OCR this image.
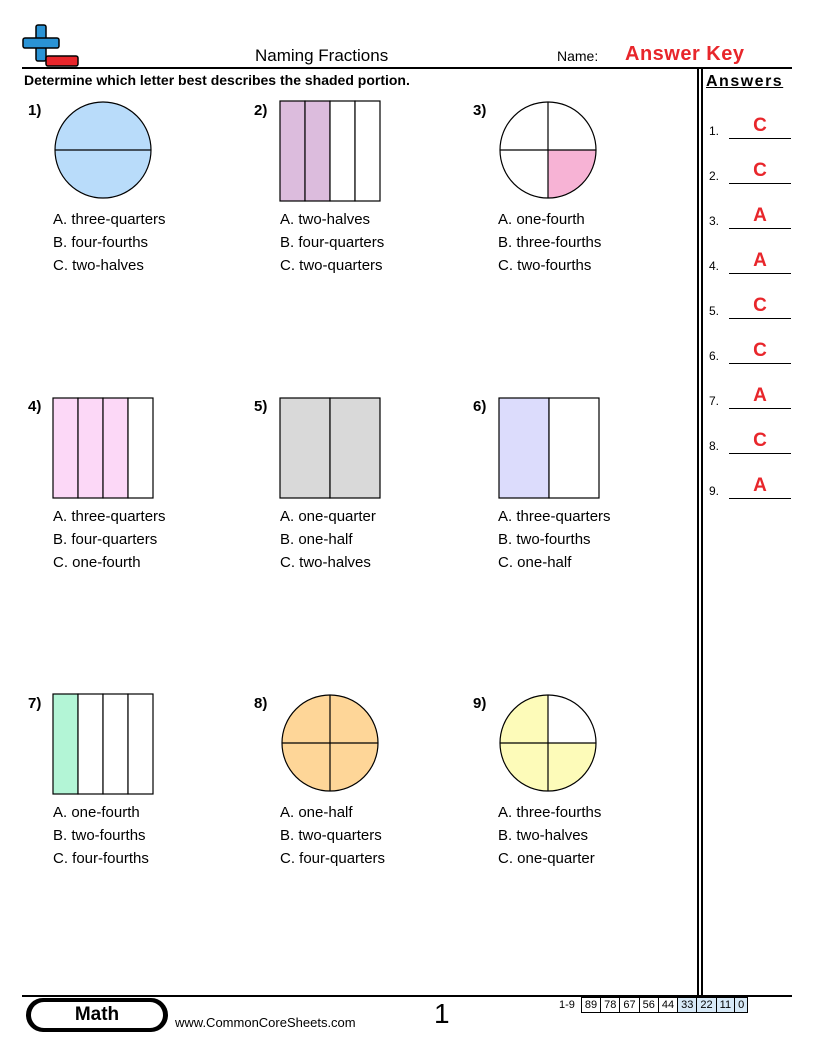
Naming Fractions	Name: Answer Key
Determine which letter best describes the shaded portion.
1)
A. three-quarters
B. four-fourths
C. two-halves
2)
A. two-halves
B. four-quarters
C. two-quarters
3)
A. one-fourth
B. three-fourths
C. two-fourths
4)
A. three-quarters
B. four-quarters
C. one-fourth
5)
A. one-quarter
B. one-half
C. two-halves
6)
A. three-quarters
B. two-fourths
C. one-half
7)
A. one-fourth
B. two-fourths
C. four-fourths
8)
A. one-half
B. two-quarters
C. four-quarters
9)
A. three-fourths
B. two-halves
C. one-quarter
Answers
1.	C
2.	C
3.	A
4.	A
5.	C
6.	C
7.	A
8.	C
9.	A
Math	www.CommonCoreSheets.com	1	1-9	89	78	67	56	44	33	22	11	0
